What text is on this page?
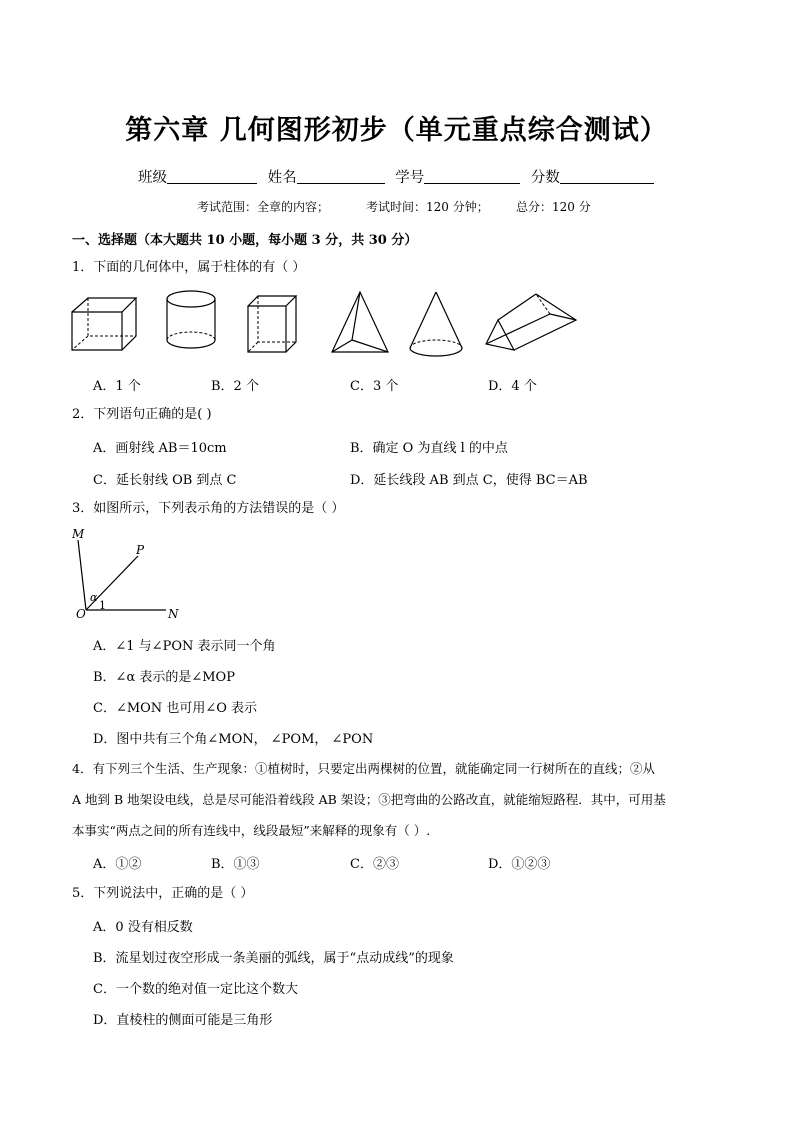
第六章 几何图形初步（单元重点综合测试）
班级	姓名	学号	分数
考试范围：全章的内容；	考试时间：120 分钟； 总分：120 分
一、选择题（本大题共 10 小题，每小题 3 分，共 30 分）
1．下面的几何体中，属于柱体的有（ ）
A．1 个	B．2 个	C．3 个	D．4 个
2．下列语句正确的是( )
A．画射线 AB＝10cm	B．确定 O 为直线 l 的中点
C．延长射线 OB 到点 C	D．延长线段 AB 到点 C，使得 BC＝AB
3．如图所示，下列表示角的方法错误的是（ ）
M
P
O	N
α
1
A．∠1 与∠PON 表示同一个角
B．∠α 表示的是∠MOP
C．∠MON 也可用∠O 表示
D．图中共有三个角∠MON， ∠POM， ∠PON
4．有下列三个生活、生产现象：①植树时，只要定出两棵树的位置，就能确定同一行树所在的直线；②从
A 地到 B 地架设电线，总是尽可能沿着线段 AB 架设；③把弯曲的公路改直，就能缩短路程．其中，可用基
本事实“两点之间的所有连线中，线段最短”来解释的现象有（ ）.
A．①②	B．①③	C．②③	D．①②③
5．下列说法中，正确的是（ ）
A．0 没有相反数
B．流星划过夜空形成一条美丽的弧线，属于“点动成线”的现象
C．一个数的绝对值一定比这个数大
D．直棱柱的侧面可能是三角形
